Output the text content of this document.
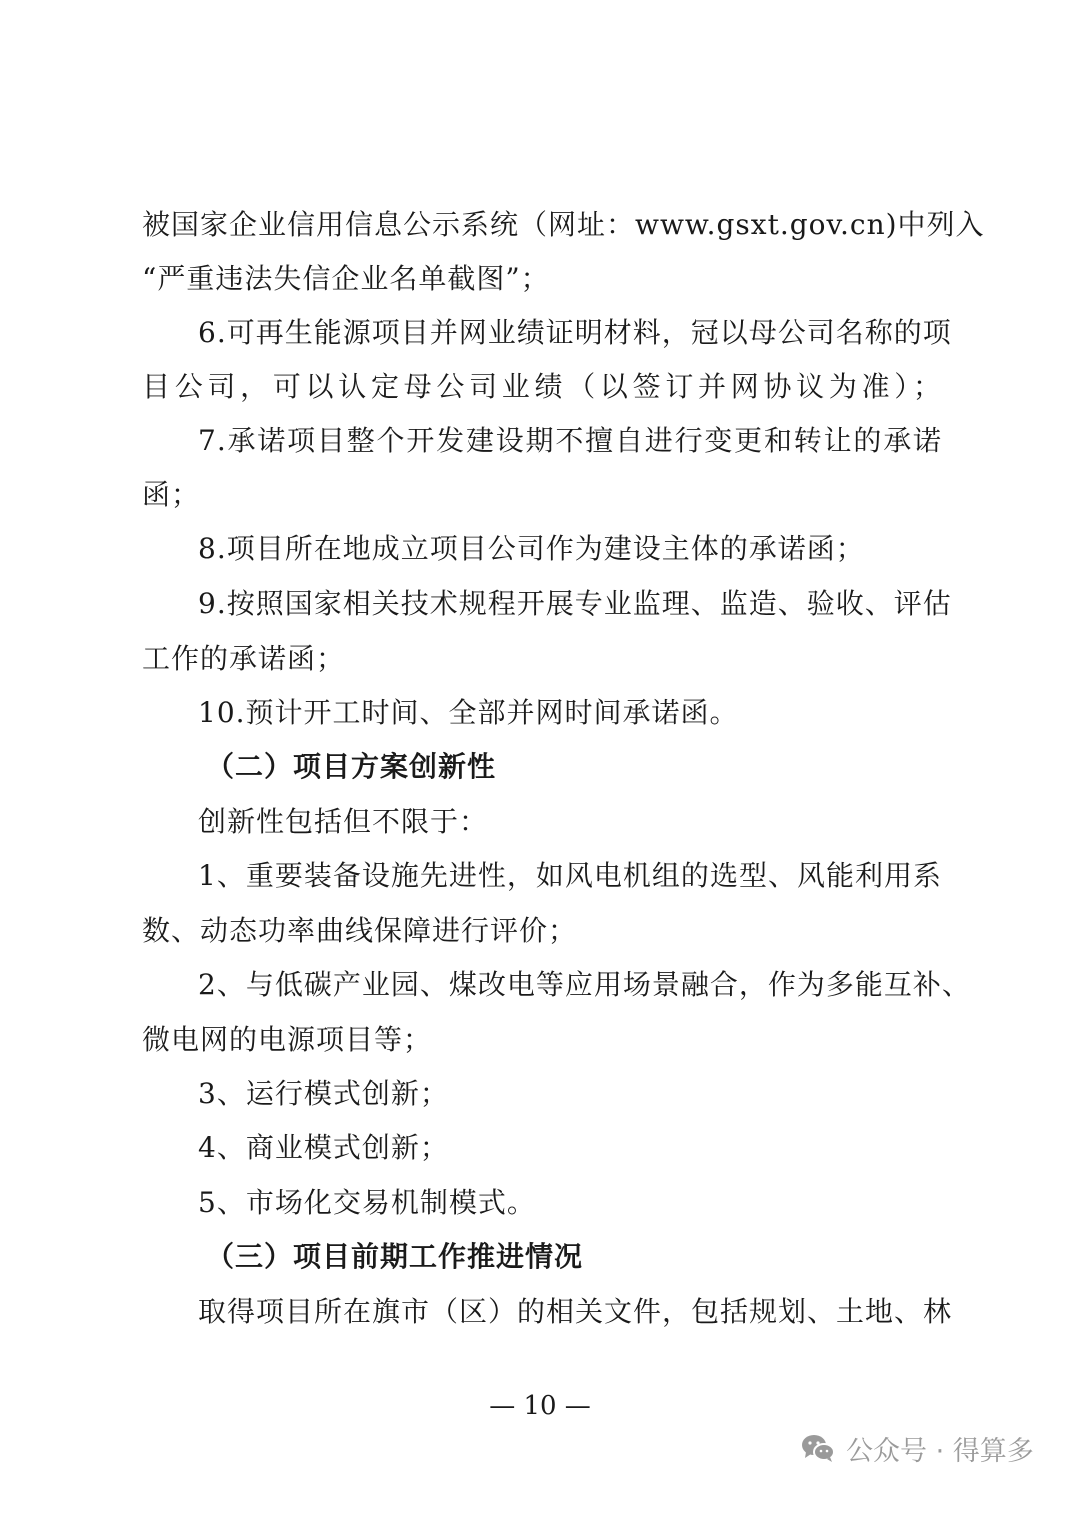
被国家企业信用信息公示系统（网址：www.gsxt.gov.cn)中列入
“严重违法失信企业名单截图”；
6.可再生能源项目并网业绩证明材料，冠以母公司名称的项
目公司，可以认定母公司业绩（以签订并网协议为准）；
7.承诺项目整个开发建设期不擅自进行变更和转让的承诺
函；
8.项目所在地成立项目公司作为建设主体的承诺函；
9.按照国家相关技术规程开展专业监理、监造、验收、评估
工作的承诺函；
10.预计开工时间、全部并网时间承诺函。
（二）项目方案创新性
创新性包括但不限于：
1、重要装备设施先进性，如风电机组的选型、风能利用系
数、动态功率曲线保障进行评价；
2、与低碳产业园、煤改电等应用场景融合，作为多能互补、
微电网的电源项目等；
3、运行模式创新；
4、商业模式创新；
5、市场化交易机制模式。
（三）项目前期工作推进情况
取得项目所在旗市（区）的相关文件，包括规划、土地、林
— 10 —
公众号 · 得算多
